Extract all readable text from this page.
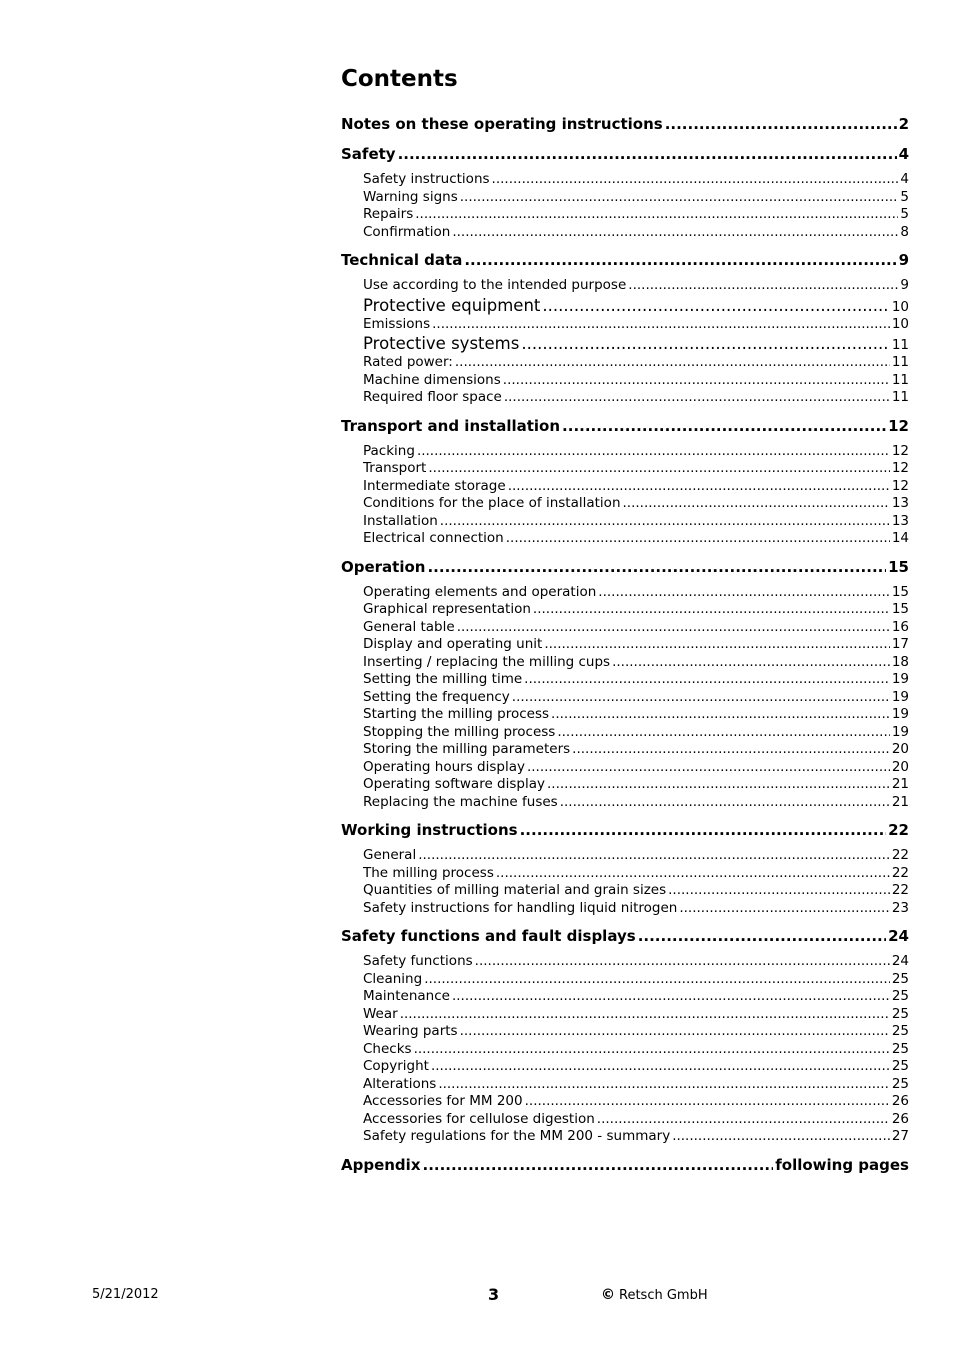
Contents
Notes on these operating instructions .....	2
Safety .....	4
Safety instructions .....	4
Warning signs .....	5
Repairs .....	5
Confirmation .....	8
Technical data .....	9
Use according to the intended purpose .....	9
Protective equipment .....	10
Emissions .....	10
Protective systems .....	11
Rated power: .....	11
Machine dimensions .....	11
Required floor space .....	11
Transport and installation .....	12
Packing .....	12
Transport .....	12
Intermediate storage .....	12
Conditions for the place of installation .....	13
Installation .....	13
Electrical connection .....	14
Operation .....	15
Operating elements and operation .....	15
Graphical representation .....	15
General table .....	16
Display and operating unit .....	17
Inserting / replacing the milling cups .....	18
Setting the milling time .....	19
Setting the frequency .....	19
Starting the milling process .....	19
Stopping the milling process .....	19
Storing the milling parameters .....	20
Operating hours display .....	20
Operating software display .....	21
Replacing the machine fuses .....	21
Working instructions .....	22
General .....	22
The milling process .....	22
Quantities of milling material and grain sizes .....	22
Safety instructions for handling liquid nitrogen .....	23
Safety functions and fault displays .....	24
Safety functions .....	24
Cleaning .....	25
Maintenance .....	25
Wear .....	25
Wearing parts .....	25
Checks .....	25
Copyright .....	25
Alterations .....	25
Accessories for MM 200 .....	26
Accessories for cellulose digestion .....	26
Safety regulations for the MM 200 - summary .....	27
Appendix .....	following pages
5/21/2012	3	© Retsch GmbH
